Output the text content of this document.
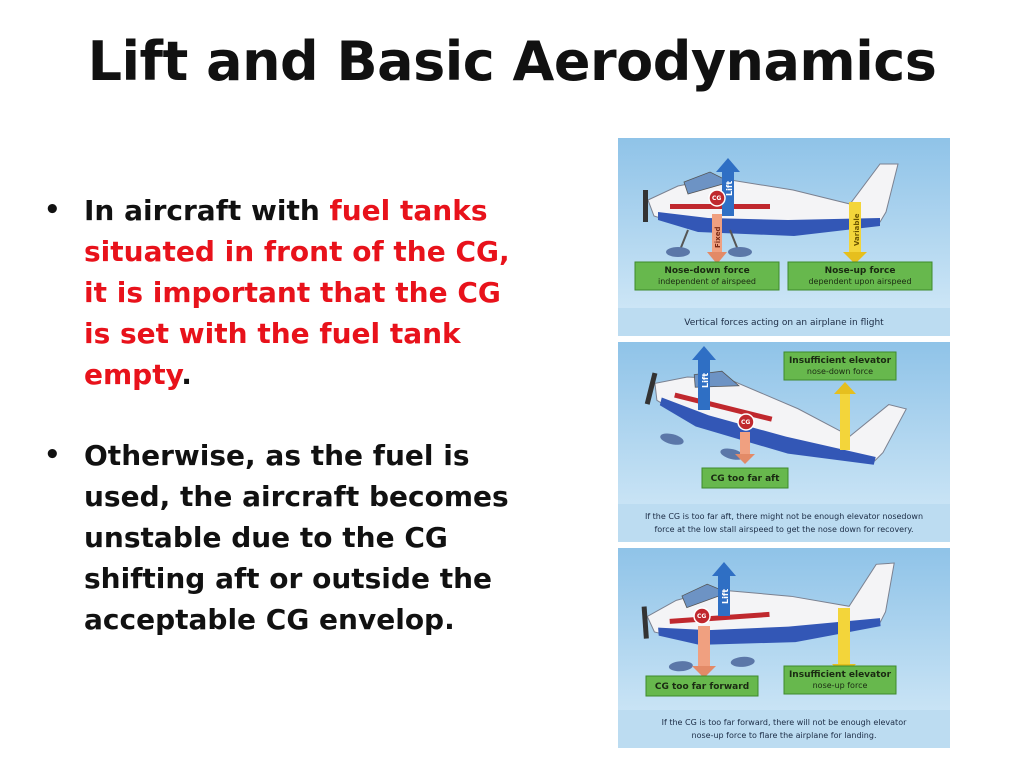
Lift and Basic Aerodynamics
• In aircraft with fuel tanks situated in front of the CG, it is important that the CG is set with the fuel tank empty.
• Otherwise, as the fuel is used, the aircraft becomes unstable due to the CG shifting aft or outside the acceptable CG envelop.
Lift
CG
Fixed	Variable
Nose-down force
independent of airspeed
Nose-up force
dependent upon airspeed
Vertical forces acting on an airplane in flight
Lift
CG
Insufficient elevator
nose-down force
CG too far aft
If the CG is too far aft, there might not be enough elevator nosedown
force at the low stall airspeed to get the nose down for recovery.
Lift
CG
CG too far forward
Insufficient elevator
nose-up force
If the CG is too far forward, there will not be enough elevator
nose-up force to flare the airplane for landing.
